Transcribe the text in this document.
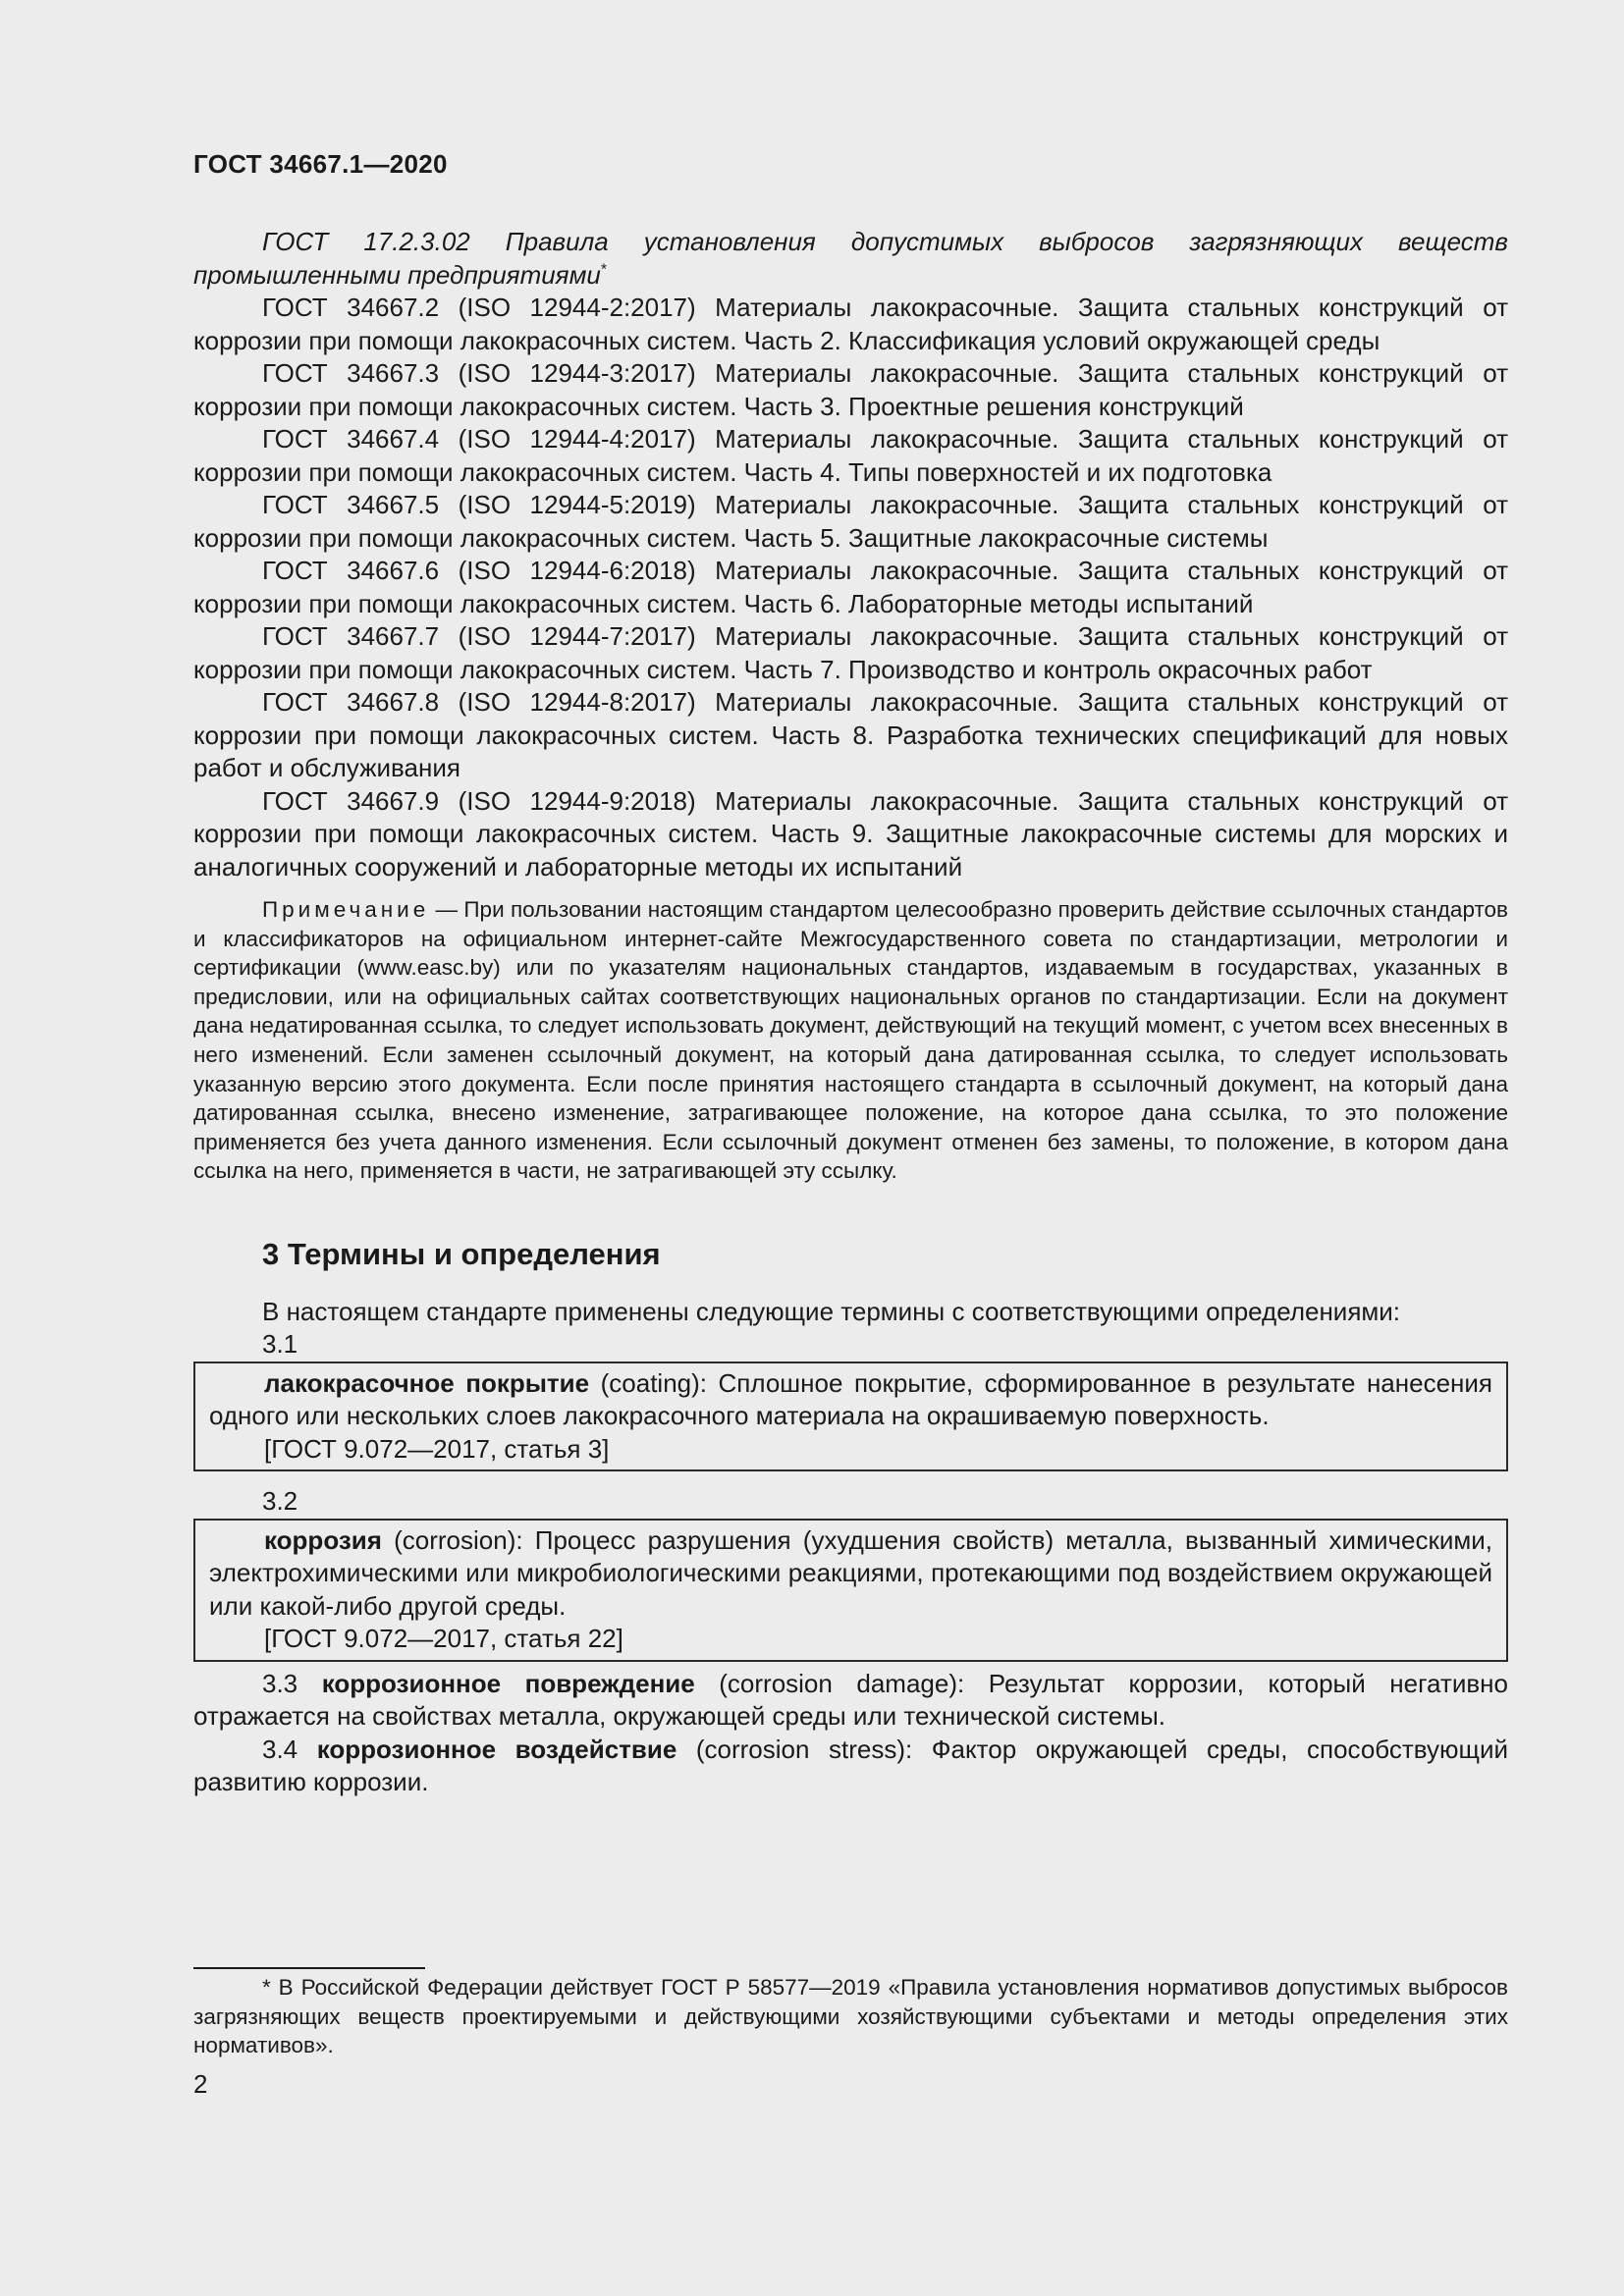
ГОСТ 34667.1—2020

ГОСТ 17.2.3.02 Правила установления допустимых выбросов загрязняющих веществ промышленными предприятиями*

ГОСТ 34667.2 (ISO 12944-2:2017) Материалы лакокрасочные. Защита стальных конструкций от коррозии при помощи лакокрасочных систем. Часть 2. Классификация условий окружающей среды

ГОСТ 34667.3 (ISO 12944-3:2017) Материалы лакокрасочные. Защита стальных конструкций от коррозии при помощи лакокрасочных систем. Часть 3. Проектные решения конструкций

ГОСТ 34667.4 (ISO 12944-4:2017) Материалы лакокрасочные. Защита стальных конструкций от коррозии при помощи лакокрасочных систем. Часть 4. Типы поверхностей и их подготовка

ГОСТ 34667.5 (ISO 12944-5:2019) Материалы лакокрасочные. Защита стальных конструкций от коррозии при помощи лакокрасочных систем. Часть 5. Защитные лакокрасочные системы

ГОСТ 34667.6 (ISO 12944-6:2018) Материалы лакокрасочные. Защита стальных конструкций от коррозии при помощи лакокрасочных систем. Часть 6. Лабораторные методы испытаний

ГОСТ 34667.7 (ISO 12944-7:2017) Материалы лакокрасочные. Защита стальных конструкций от коррозии при помощи лакокрасочных систем. Часть 7. Производство и контроль окрасочных работ

ГОСТ 34667.8 (ISO 12944-8:2017) Материалы лакокрасочные. Защита стальных конструкций от коррозии при помощи лакокрасочных систем. Часть 8. Разработка технических спецификаций для новых работ и обслуживания

ГОСТ 34667.9 (ISO 12944-9:2018) Материалы лакокрасочные. Защита стальных конструкций от коррозии при помощи лакокрасочных систем. Часть 9. Защитные лакокрасочные системы для морских и аналогичных сооружений и лабораторные методы их испытаний

Примечание — При пользовании настоящим стандартом целесообразно проверить действие ссылочных стандартов и классификаторов на официальном интернет-сайте Межгосударственного совета по стандартизации, метрологии и сертификации (www.easc.by) или по указателям национальных стандартов, издаваемым в государствах, указанных в предисловии, или на официальных сайтах соответствующих национальных органов по стандартизации. Если на документ дана недатированная ссылка, то следует использовать документ, действующий на текущий момент, с учетом всех внесенных в него изменений. Если заменен ссылочный документ, на который дана датированная ссылка, то следует использовать указанную версию этого документа. Если после принятия настоящего стандарта в ссылочный документ, на который дана датированная ссылка, внесено изменение, затрагивающее положение, на которое дана ссылка, то это положение применяется без учета данного изменения. Если ссылочный документ отменен без замены, то положение, в котором дана ссылка на него, применяется в части, не затрагивающей эту ссылку.

3 Термины и определения

В настоящем стандарте применены следующие термины с соответствующими определениями:

3.1

лакокрасочное покрытие (coating): Сплошное покрытие, сформированное в результате нанесения одного или нескольких слоев лакокрасочного материала на окрашиваемую поверхность.

[ГОСТ 9.072—2017, статья 3]
3.2

коррозия (corrosion): Процесс разрушения (ухудшения свойств) металла, вызванный химическими, электрохимическими или микробиологическими реакциями, протекающими под воздействием окружающей или какой-либо другой среды.

[ГОСТ 9.072—2017, статья 22]

3.3 коррозионное повреждение (corrosion damage): Результат коррозии, который негативно отражается на свойствах металла, окружающей среды или технической системы.

3.4 коррозионное воздействие (corrosion stress): Фактор окружающей среды, способствующий развитию коррозии.

* В Российской Федерации действует ГОСТ Р 58577—2019 «Правила установления нормативов допустимых выбросов загрязняющих веществ проектируемыми и действующими хозяйствующими субъектами и методы определения этих нормативов».
2
